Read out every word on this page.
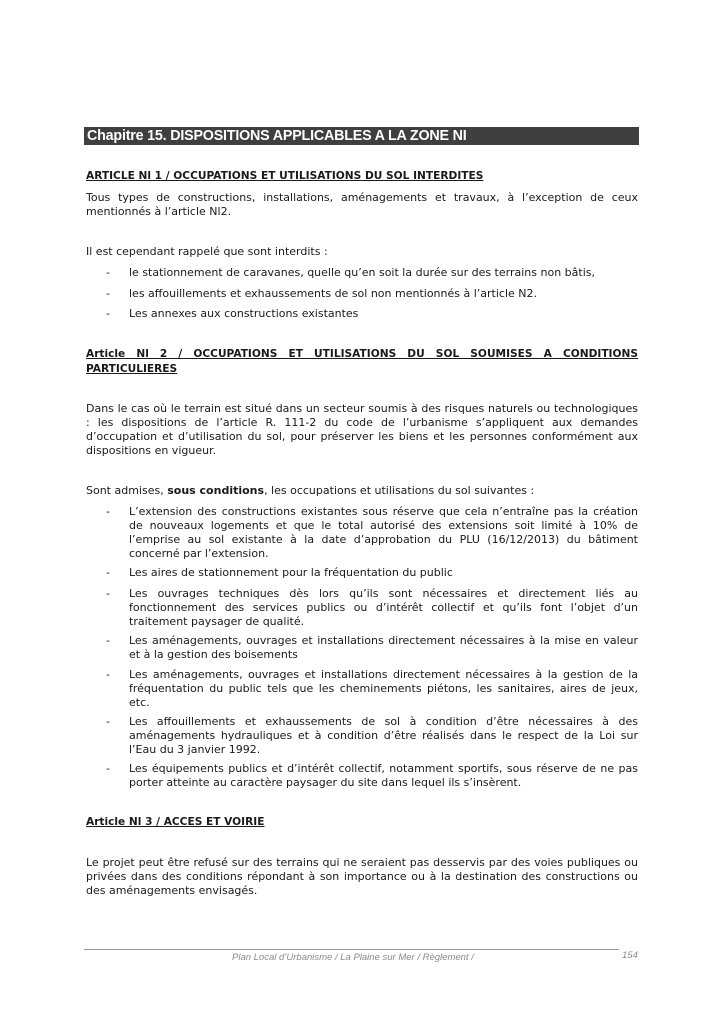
Chapitre 15. DISPOSITIONS APPLICABLES A LA ZONE NI
ARTICLE Nl 1 / OCCUPATIONS ET UTILISATIONS DU SOL INTERDITES
Tous types de constructions, installations, aménagements et travaux, à l’exception de ceux mentionnés à l’article Nl2.
Il est cependant rappelé que sont interdits :
- le stationnement de caravanes, quelle qu’en soit la durée sur des terrains non bâtis,
- les affouillements et exhaussements de sol non mentionnés à l’article N2.
- Les annexes aux constructions existantes
Article Nl 2 / OCCUPATIONS ET UTILISATIONS DU SOL SOUMISES A CONDITIONS PARTICULIERES
Dans le cas où le terrain est situé dans un secteur soumis à des risques naturels ou technologiques : les dispositions de l’article R. 111-2 du code de l’urbanisme s’appliquent aux demandes d’occupation et d’utilisation du sol, pour préserver les biens et les personnes conformément aux dispositions en vigueur.
Sont admises, sous conditions, les occupations et utilisations du sol suivantes :
- L’extension des constructions existantes sous réserve que cela n’entraîne pas la création de nouveaux logements et que le total autorisé des extensions soit limité à 10% de l’emprise au sol existante à la date d’approbation du PLU (16/12/2013) du bâtiment concerné par l’extension.
- Les aires de stationnement pour la fréquentation du public
- Les ouvrages techniques dès lors qu’ils sont nécessaires et directement liés au fonctionnement des services publics ou d’intérêt collectif et qu’ils font l’objet d’un traitement paysager de qualité.
- Les aménagements, ouvrages et installations directement nécessaires à la mise en valeur et à la gestion des boisements
- Les aménagements, ouvrages et installations directement nécessaires à la gestion de la fréquentation du public tels que les cheminements piétons, les sanitaires, aires de jeux, etc.
- Les affouillements et exhaussements de sol à condition d’être nécessaires à des aménagements hydrauliques et à condition d’être réalisés dans le respect de la Loi sur l’Eau du 3 janvier 1992.
- Les équipements publics et d’intérêt collectif, notamment sportifs, sous réserve de ne pas porter atteinte au caractère paysager du site dans lequel ils s’insèrent.
Article Nl 3 / ACCES ET VOIRIE
Le projet peut être refusé sur des terrains qui ne seraient pas desservis par des voies publiques ou privées dans des conditions répondant à son importance ou à la destination des constructions ou des aménagements envisagés.
Plan Local d’Urbanisme / La Plaine sur Mer / Règlement /	154
